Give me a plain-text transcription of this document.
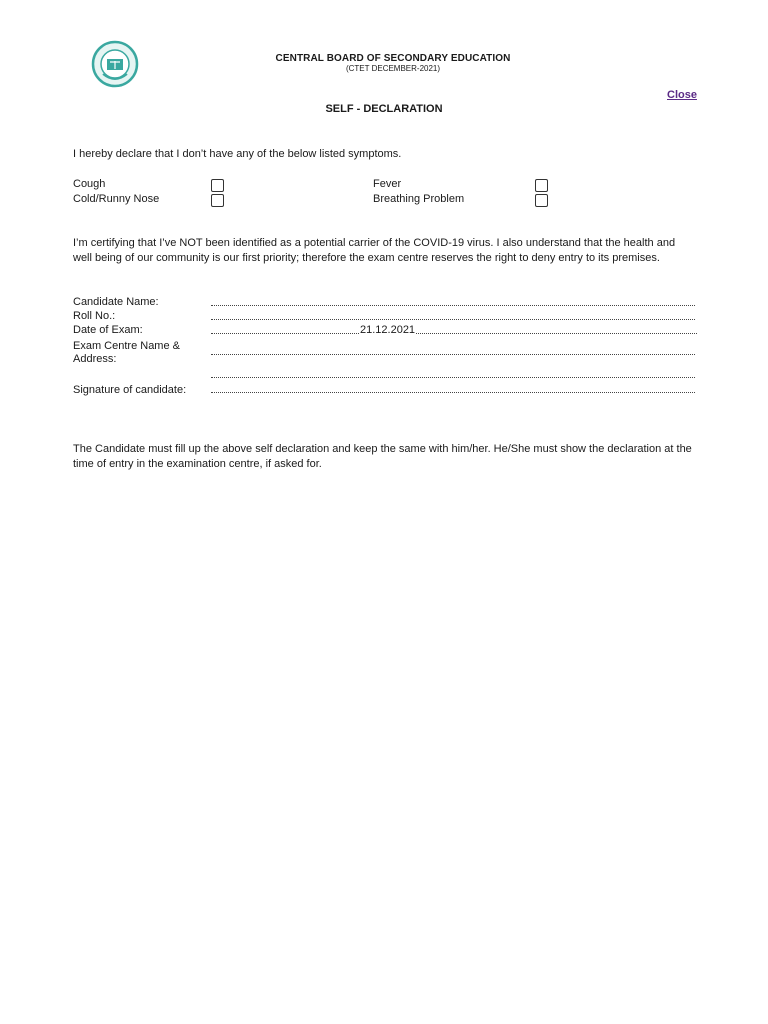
CENTRAL BOARD OF SECONDARY EDUCATION
(CTET DECEMBER-2021)
Close
SELF - DECLARATION
I hereby declare that I don’t have any of the below listed symptoms.
Cough	Fever
Cold/Runny Nose	Breathing Problem
I’m certifying that I’ve NOT been identified as a potential carrier of the COVID-19 virus. I also understand that the health and well being of our community is our first priority; therefore the exam centre reserves the right to deny entry to its premises.
Candidate Name:
Roll No.:
Date of Exam:	21.12.2021
Exam Centre Name &
Address:
Signature of candidate:
The Candidate must fill up the above self declaration and keep the same with him/her. He/She must show the declaration at the time of entry in the examination centre, if asked for.
